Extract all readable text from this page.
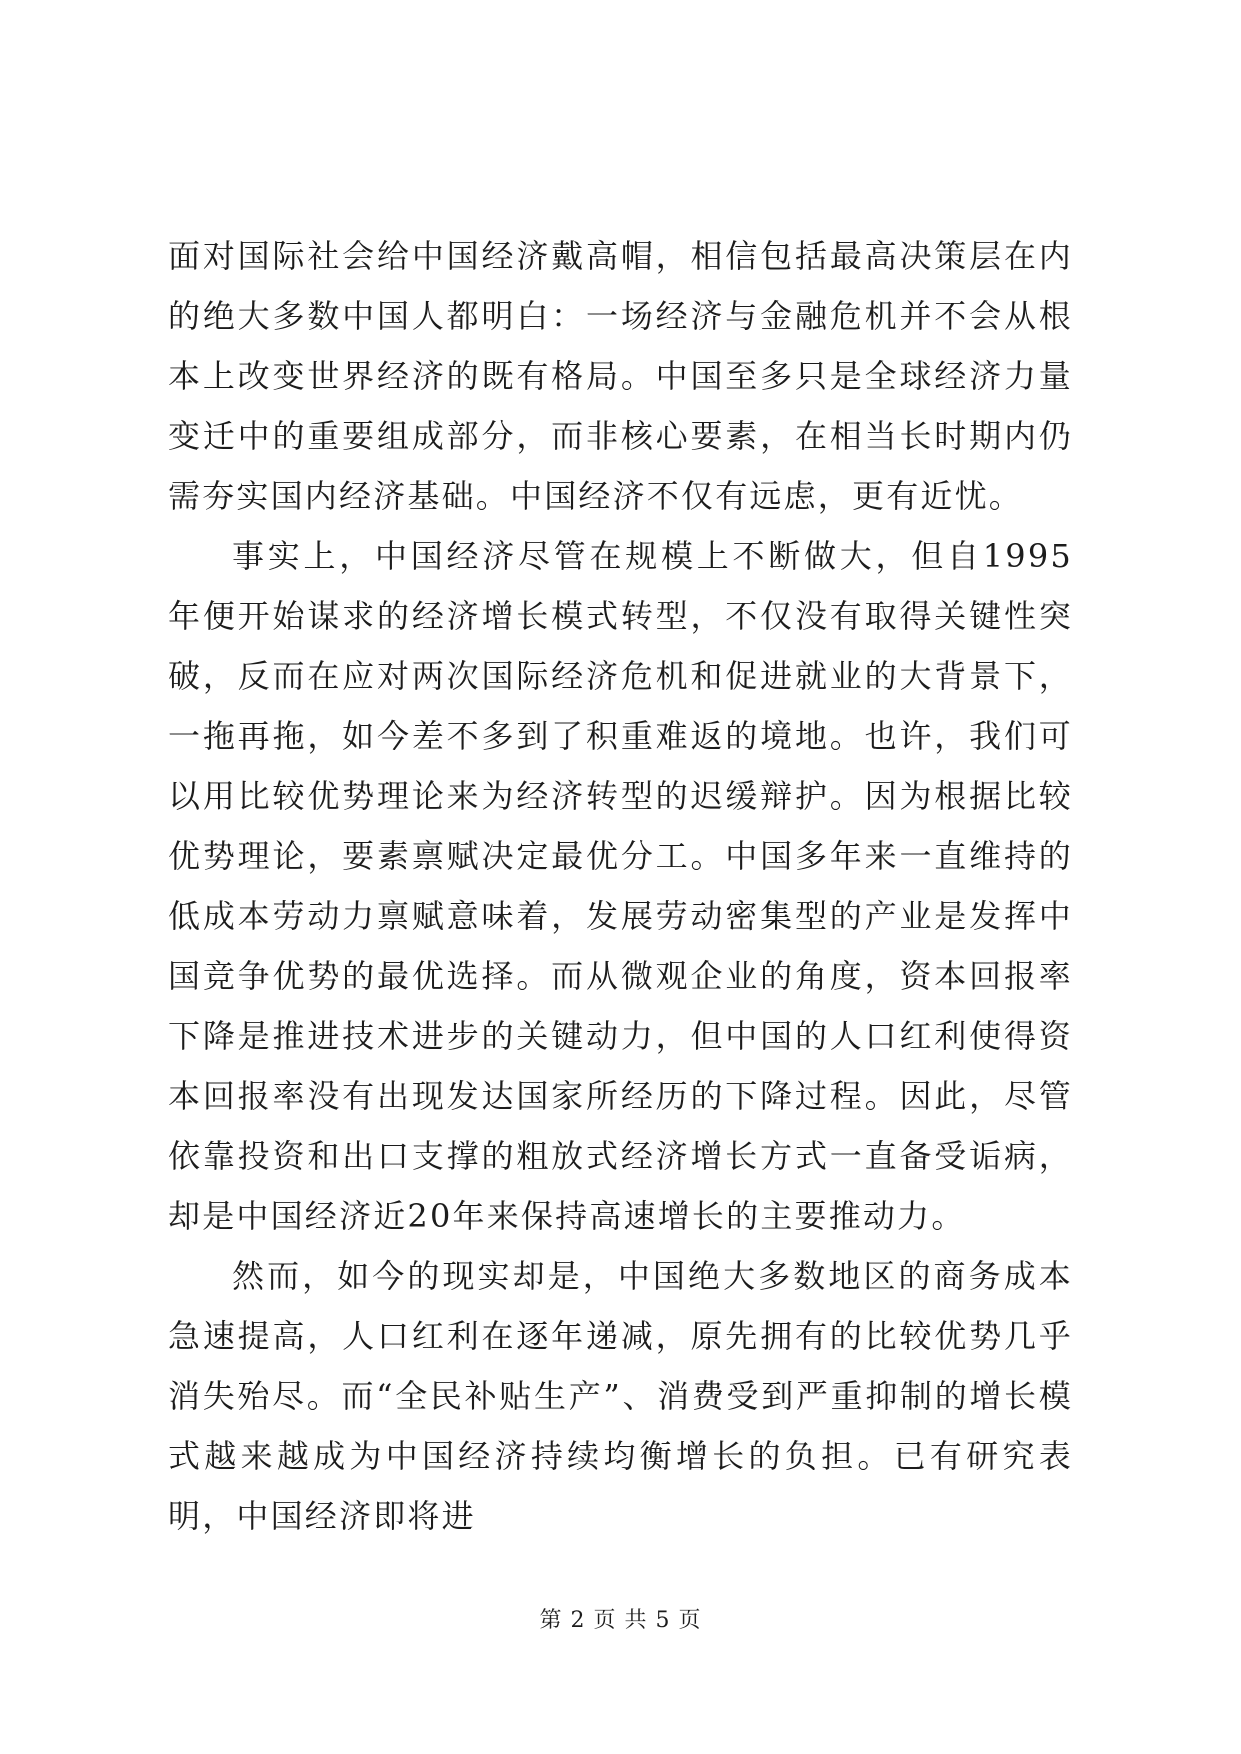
面对国际社会给中国经济戴高帽，相信包括最高决策层在内的绝大多数中国人都明白：一场经济与金融危机并不会从根本上改变世界经济的既有格局。中国至多只是全球经济力量变迁中的重要组成部分，而非核心要素，在相当长时期内仍需夯实国内经济基础。中国经济不仅有远虑，更有近忧。

事实上，中国经济尽管在规模上不断做大，但自1995年便开始谋求的经济增长模式转型，不仅没有取得关键性突破，反而在应对两次国际经济危机和促进就业的大背景下，一拖再拖，如今差不多到了积重难返的境地。也许，我们可以用比较优势理论来为经济转型的迟缓辩护。因为根据比较优势理论，要素禀赋决定最优分工。中国多年来一直维持的低成本劳动力禀赋意味着，发展劳动密集型的产业是发挥中国竞争优势的最优选择。而从微观企业的角度，资本回报率下降是推进技术进步的关键动力，但中国的人口红利使得资本回报率没有出现发达国家所经历的下降过程。因此，尽管依靠投资和出口支撑的粗放式经济增长方式一直备受诟病，却是中国经济近20年来保持高速增长的主要推动力。

然而，如今的现实却是，中国绝大多数地区的商务成本急速提高，人口红利在逐年递减，原先拥有的比较优势几乎消失殆尽。而“全民补贴生产”、消费受到严重抑制的增长模式越来越成为中国经济持续均衡增长的负担。已有研究表明，中国经济即将进

第 2 页 共 5 页
